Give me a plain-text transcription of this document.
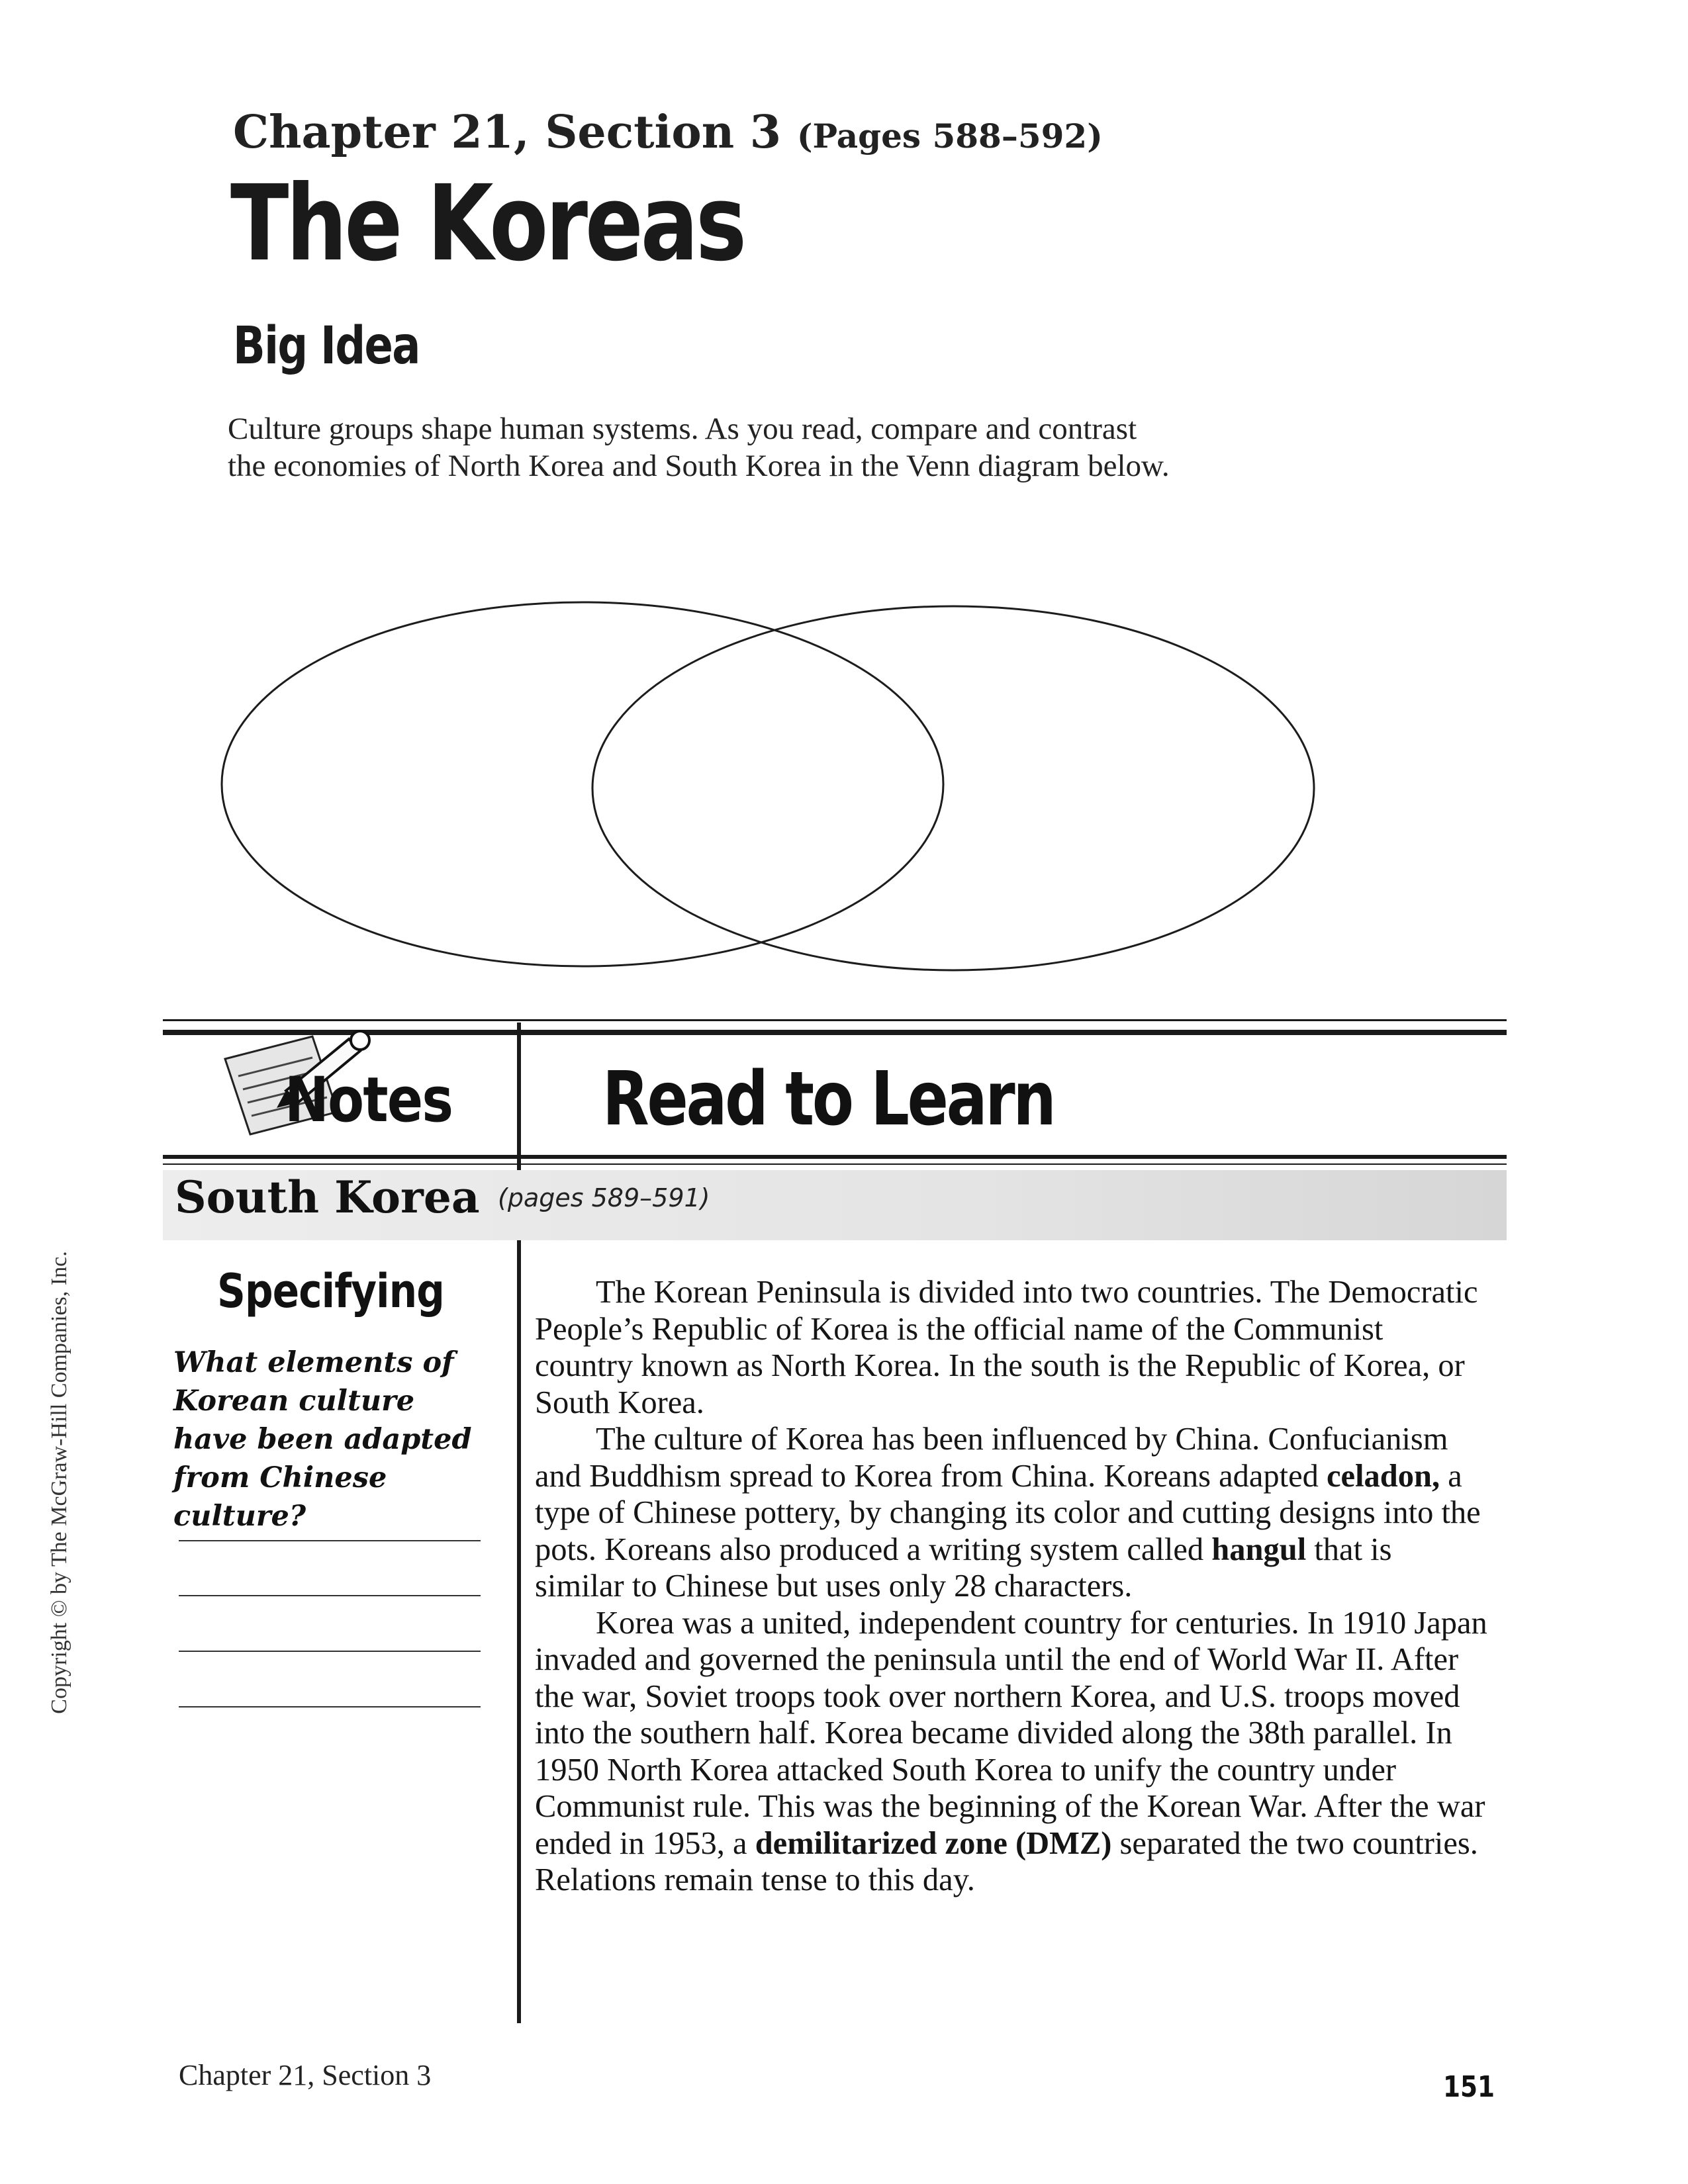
Chapter 21, Section 3 (Pages 588–592)
The Koreas
Big Idea
Culture groups shape human systems. As you read, compare and contrast the economies of North Korea and South Korea in the Venn diagram below.
Notes Read to Learn
South Korea (pages 589–591)
Specifying
What elements of Korean culture have been adapted from Chinese culture?

The Korean Peninsula is divided into two countries. The Democratic People’s Republic of Korea is the official name of the Communist country known as North Korea. In the south is the Republic of Korea, or South Korea.

The culture of Korea has been influenced by China. Confucianism and Buddhism spread to Korea from China. Koreans adapted celadon, a type of Chinese pottery, by changing its color and cutting designs into the pots. Koreans also produced a writing system called hangul that is similar to Chinese but uses only 28 characters.

Korea was a united, independent country for centuries. In 1910 Japan invaded and governed the peninsula until the end of World War II. After the war, Soviet troops took over northern Korea, and U.S. troops moved into the southern half. Korea became divided along the 38th parallel. In 1950 North Korea attacked South Korea to unify the country under Communist rule. This was the beginning of the Korean War. After the war ended in 1953, a demilitarized zone (DMZ) separated the two countries. Relations remain tense to this day.

Chapter 21, Section 3	151
Copyright © by The McGraw-Hill Companies, Inc.
